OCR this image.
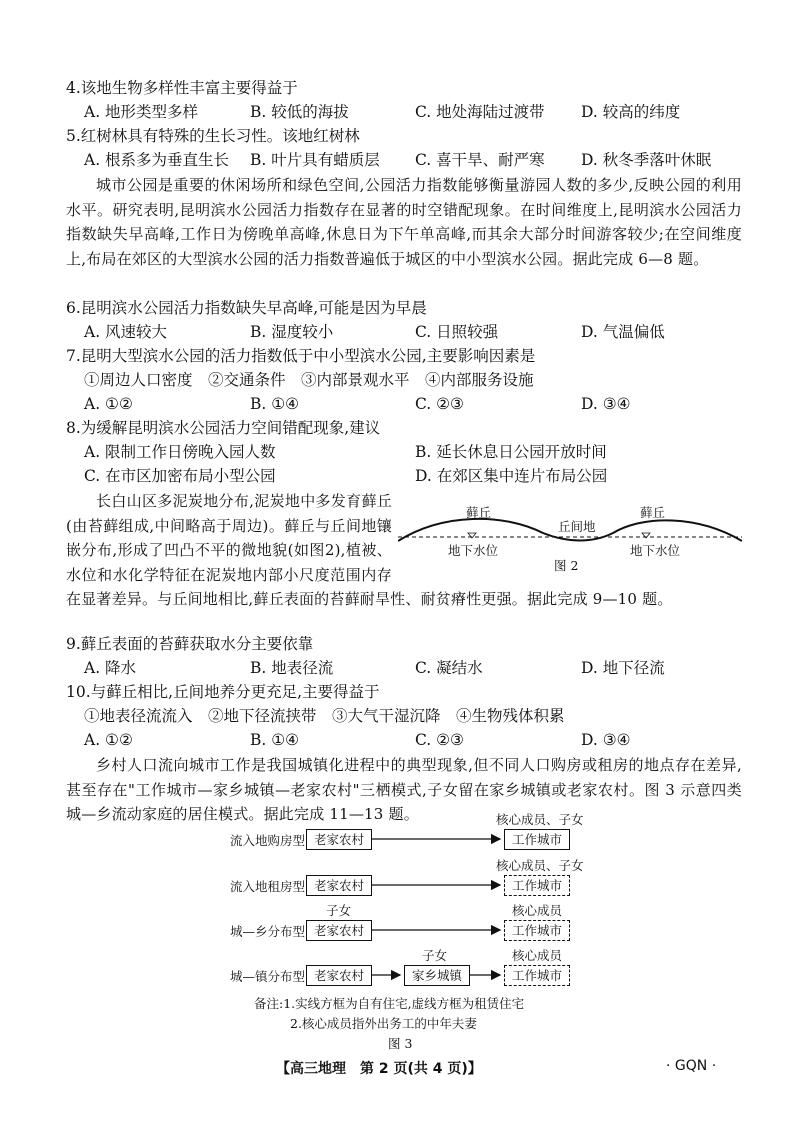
4.该地生物多样性丰富主要得益于
A. 地形类型多样	B. 较低的海拔	C. 地处海陆过渡带 D. 较高的纬度
5.红树林具有特殊的生长习性。该地红树林
A. 根系多为垂直生长 B. 叶片具有蜡质层 C. 喜干旱、耐严寒 D. 秋冬季落叶休眠
城市公园是重要的休闲场所和绿色空间,公园活力指数能够衡量游园人数的多少,反映公园的利用水平。研究表明,昆明滨水公园活力指数存在显著的时空错配现象。在时间维度上,昆明滨水公园活力指数缺失早高峰,工作日为傍晚单高峰,休息日为下午单高峰,而其余大部分时间游客较少;在空间维度上,布局在郊区的大型滨水公园的活力指数普遍低于城区的中小型滨水公园。据此完成 6—8 题。
6.昆明滨水公园活力指数缺失早高峰,可能是因为早晨
A. 风速较大	B. 湿度较小	C. 日照较强	D. 气温偏低
7.昆明大型滨水公园的活力指数低于中小型滨水公园,主要影响因素是
①周边人口密度　②交通条件　③内部景观水平　④内部服务设施
A. ①②	B. ①④	C. ②③	D. ③④
8.为缓解昆明滨水公园活力空间错配现象,建议
A. 限制工作日傍晚入园人数	B. 延长休息日公园开放时间
C. 在市区加密布局小型公园	D. 在郊区集中连片布局公园
长白山区多泥炭地分布,泥炭地中多发育藓丘(由苔藓组成,中间略高于周边)。藓丘与丘间地镶嵌分布,形成了凹凸不平的微地貌(如图2),植被、水位和水化学特征在泥炭地内部小尺度范围内存在显著差异。与丘间地相比,藓丘表面的苔藓耐旱性、耐贫瘠性更强。据此完成 9—10 题。
藓丘
丘间地
藓丘
地下水位	地下水位
图 2
9.藓丘表面的苔藓获取水分主要依靠
A. 降水	B. 地表径流	C. 凝结水	D. 地下径流
10.与藓丘相比,丘间地养分更充足,主要得益于
①地表径流流入　②地下径流挟带　③大气干湿沉降　④生物残体积累
A. ①②	B. ①④	C. ②③	D. ③④
乡村人口流向城市工作是我国城镇化进程中的典型现象,但不同人口购房或租房的地点存在差异,甚至存在"工作城市—家乡城镇—老家农村"三栖模式,子女留在家乡城镇或老家农村。图 3 示意四类城—乡流动家庭的居住模式。据此完成 11—13 题。
流入地购房型 老家农村
核心成员、子女
工作城市
流入地租房型 老家农村
核心成员、子女
工作城市
城—乡分布型
子女
老家农村
核心成员
工作城市
城—镇分布型 老家农村
子女
家乡城镇
核心成员
工作城市
备注:1.实线方框为自有住宅,虚线方框为租赁住宅
2.核心成员指外出务工的中年夫妻
图 3
【高三地理　第 2 页(共 4 页)】	· GQN ·
